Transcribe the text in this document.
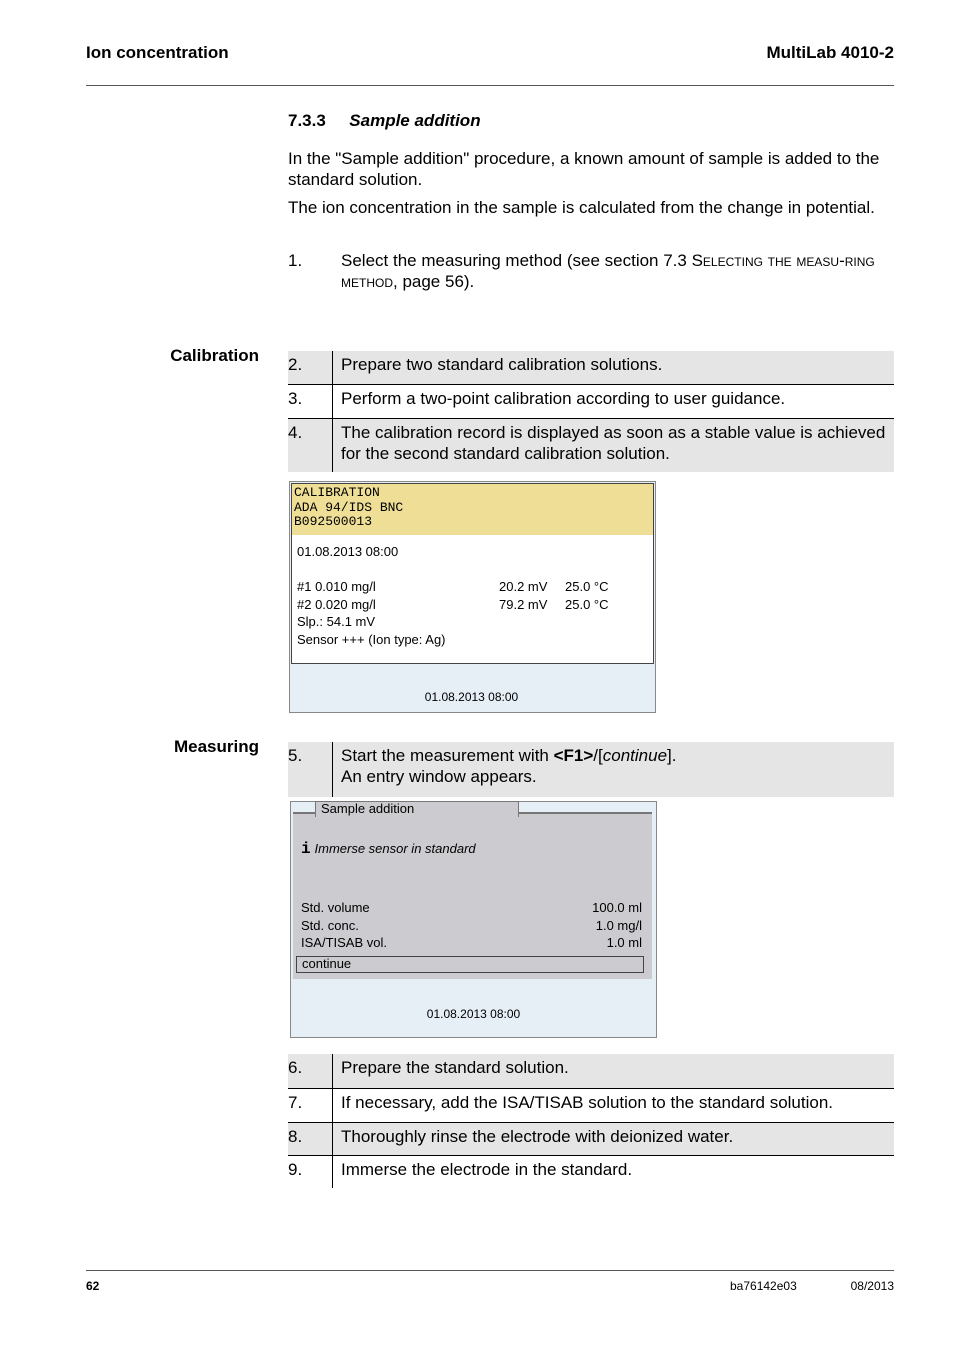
Ion concentration	MultiLab 4010-2
7.3.3 Sample addition
In the "Sample addition" procedure, a known amount of sample is added to the standard solution.
The ion concentration in the sample is calculated from the change in potential.
1. Select the measuring method (see section 7.3 Selecting the measu-ring method, page 56).
Calibration 2.	Prepare two standard calibration solutions.
3.	Perform a two-point calibration according to user guidance.
4.	The calibration record is displayed as soon as a stable value is achieved for the second standard calibration solution.
CALIBRATION
ADA 94/IDS BNC
B092500013
01.08.2013 08:00
#1 0.010 mg/l	20.2 mV 25.0 °C
#2 0.020 mg/l	79.2 mV 25.0 °C
Slp.: 54.1 mV
Sensor +++ (Ion type: Ag)
01.08.2013 08:00
Measuring 5.	Start the measurement with <F1>/[continue].
An entry window appears.
Sample addition
i Immerse sensor in standard
Std. volume	100.0 ml
Std. conc.	1.0 mg/l
ISA/TISAB vol.	1.0 ml
continue
01.08.2013 08:00
6.	Prepare the standard solution.
7.	If necessary, add the ISA/TISAB solution to the standard solution.
8.	Thoroughly rinse the electrode with deionized water.
9.	Immerse the electrode in the standard.
62	ba76142e03	08/2013
